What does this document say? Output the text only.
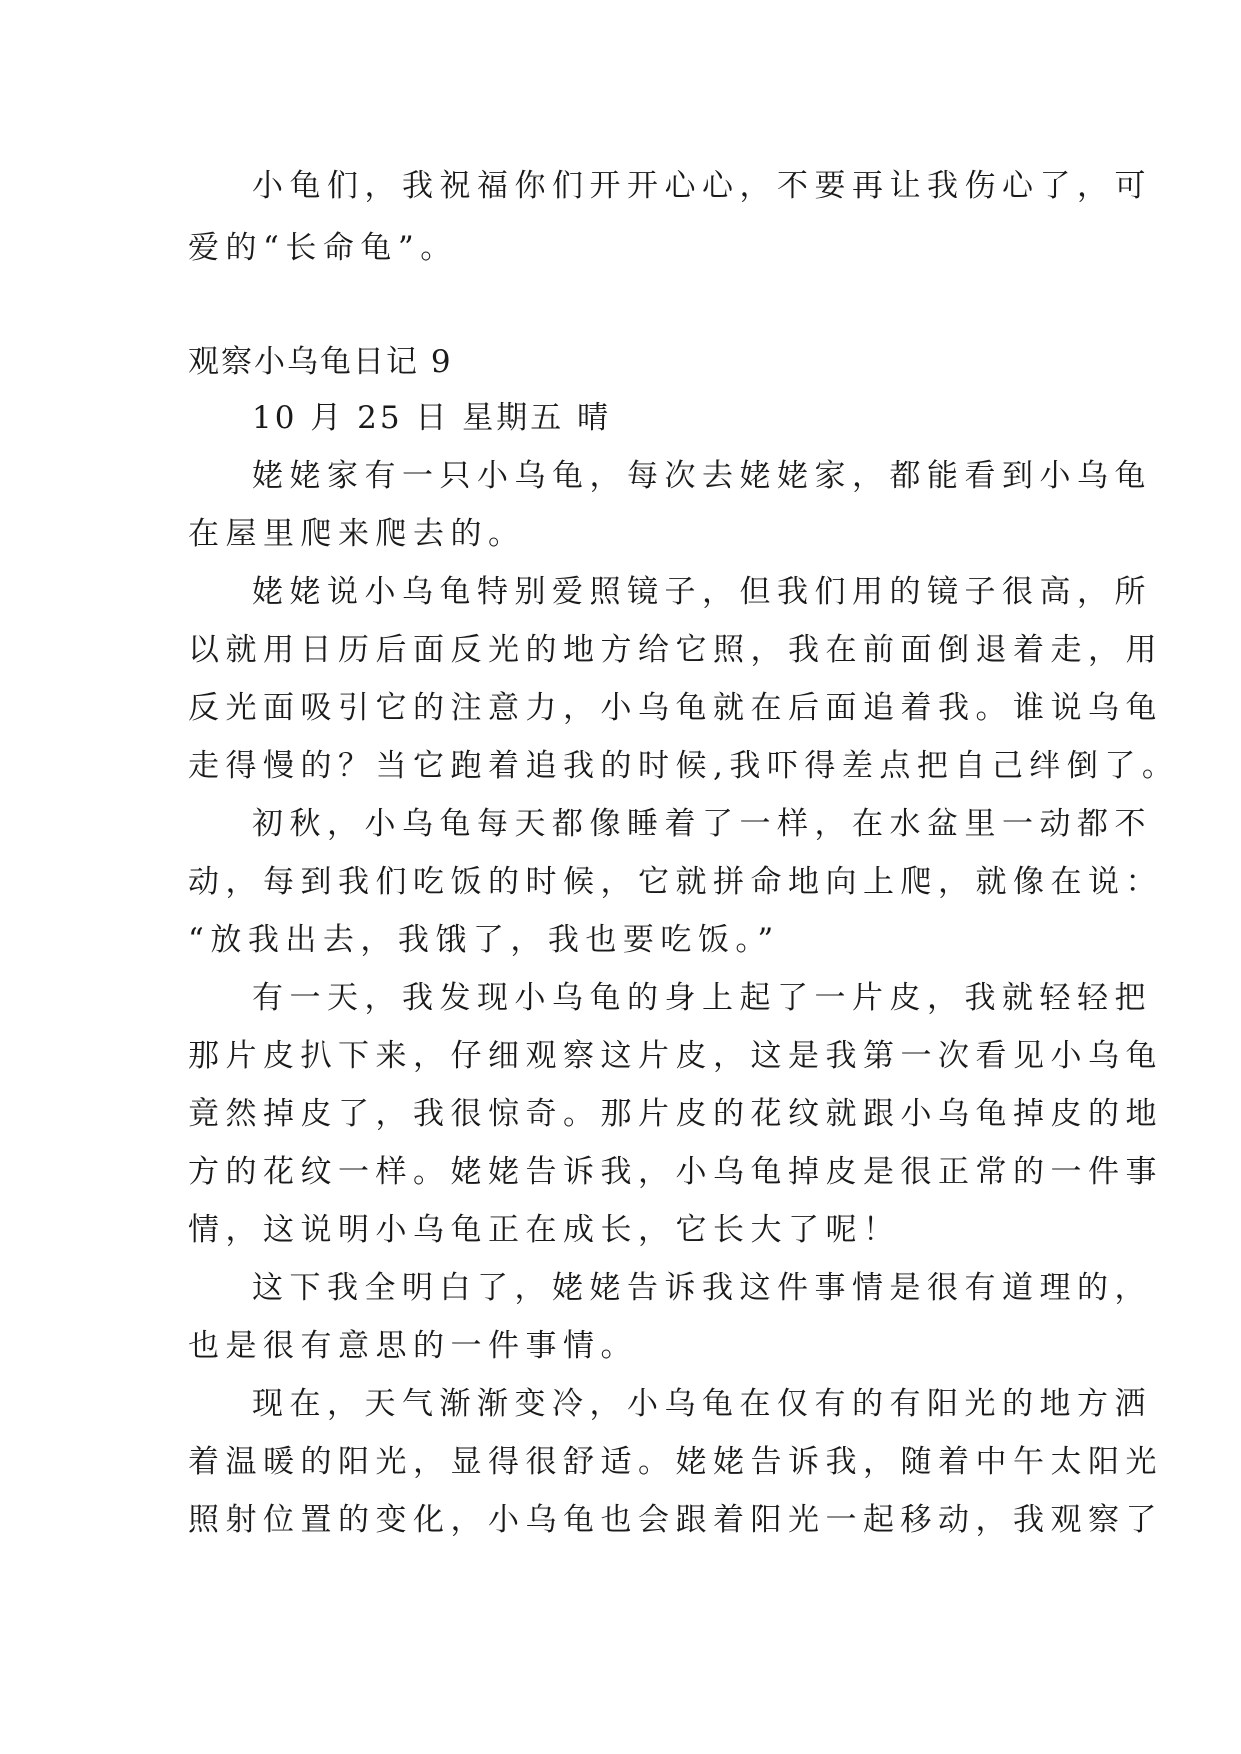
小龟们，我祝福你们开开心心，不要再让我伤心了，可

爱的“长命龟”。

观察小乌龟日记 9

10 月 25 日 星期五 晴

姥姥家有一只小乌龟，每次去姥姥家，都能看到小乌龟

在屋里爬来爬去的。

姥姥说小乌龟特别爱照镜子，但我们用的镜子很高，所

以就用日历后面反光的地方给它照，我在前面倒退着走，用

反光面吸引它的注意力，小乌龟就在后面追着我。谁说乌龟

走得慢的？当它跑着追我的时候,我吓得差点把自己绊倒了。

初秋，小乌龟每天都像睡着了一样，在水盆里一动都不

动，每到我们吃饭的时候，它就拼命地向上爬，就像在说：

“放我出去，我饿了，我也要吃饭。”

有一天，我发现小乌龟的身上起了一片皮，我就轻轻把

那片皮扒下来，仔细观察这片皮，这是我第一次看见小乌龟

竟然掉皮了，我很惊奇。那片皮的花纹就跟小乌龟掉皮的地

方的花纹一样。姥姥告诉我，小乌龟掉皮是很正常的一件事

情，这说明小乌龟正在成长，它长大了呢！

这下我全明白了，姥姥告诉我这件事情是很有道理的，

也是很有意思的一件事情。

现在，天气渐渐变冷，小乌龟在仅有的有阳光的地方洒

着温暖的阳光，显得很舒适。姥姥告诉我，随着中午太阳光

照射位置的变化，小乌龟也会跟着阳光一起移动，我观察了
